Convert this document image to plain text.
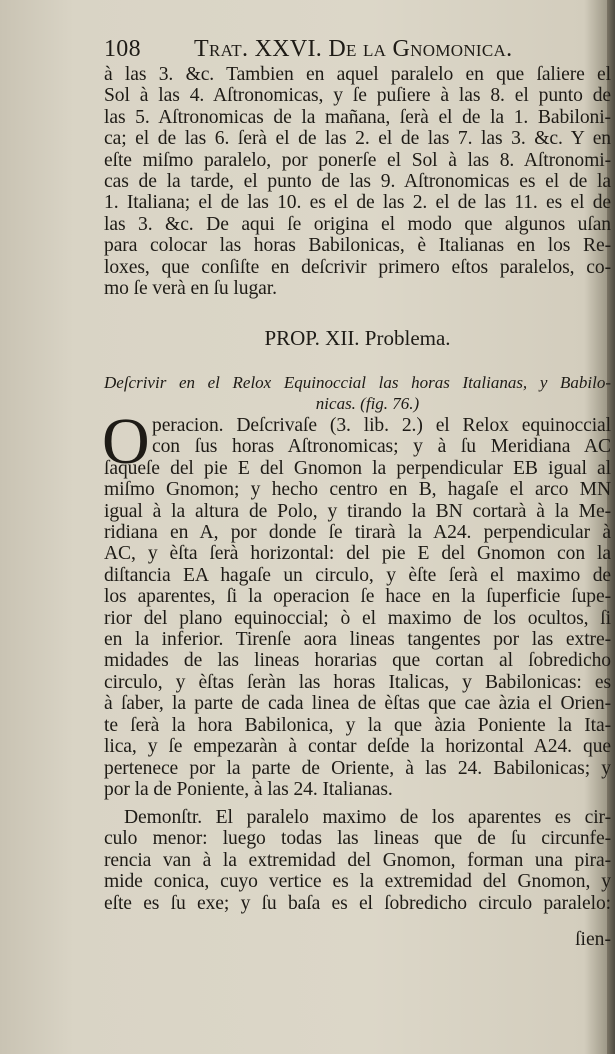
108 Trat. XXVI. De la Gnomonica.
à las 3. &c. Tambien en aquel paralelo en que ſaliere el
Sol à las 4. Aſtronomicas, y ſe puſiere à las 8. el punto de
las 5. Aſtronomicas de la mañana, ſerà el de la 1. Babiloni-
ca; el de las 6. ſerà el de las 2. el de las 7. las 3. &c. Y en
eſte miſmo paralelo, por ponerſe el Sol à las 8. Aſtronomi-
cas de la tarde, el punto de las 9. Aſtronomicas es el de la
1. Italiana; el de las 10. es el de las 2. el de las 11. es el de
las 3. &c. De aqui ſe origina el modo que algunos uſan
para colocar las horas Babilonicas, è Italianas en los Re-
loxes, que conſiſte en deſcrivir primero eſtos paralelos, co-
mo ſe verà en ſu lugar.
PROP. XII. Problema.
Deſcrivir en el Relox Equinoccial las horas Italianas, y Babilo-
nicas. (fig. 76.)
O peracion. Deſcrivaſe (3. lib. 2.) el Relox equinoccial
con ſus horas Aſtronomicas; y à ſu Meridiana AC
ſaqueſe del pie E del Gnomon la perpendicular EB igual al
miſmo Gnomon; y hecho centro en B, hagaſe el arco MN
igual à la altura de Polo, y tirando la BN cortarà à la Me-
ridiana en A, por donde ſe tirarà la A24. perpendicular à
AC, y èſta ſerà horizontal: del pie E del Gnomon con la
diſtancia EA hagaſe un circulo, y èſte ſerà el maximo de
los aparentes, ſi la operacion ſe hace en la ſuperficie ſupe-
rior del plano equinoccial; ò el maximo de los ocultos, ſi
en la inferior. Tirenſe aora lineas tangentes por las extre-
midades de las lineas horarias que cortan al ſobredicho
circulo, y èſtas ſeràn las horas Italicas, y Babilonicas: es
à ſaber, la parte de cada linea de èſtas que cae àzia el Orien-
te ſerà la hora Babilonica, y la que àzia Poniente la Ita-
lica, y ſe empezaràn à contar deſde la horizontal A24. que
pertenece por la parte de Oriente, à las 24. Babilonicas; y
por la de Poniente, à las 24. Italianas.
Demonſtr. El paralelo maximo de los aparentes es cir-
culo menor: luego todas las lineas que de ſu circunfe-
rencia van à la extremidad del Gnomon, forman una pira-
mide conica, cuyo vertice es la extremidad del Gnomon, y
eſte es ſu exe; y ſu baſa es el ſobredicho circulo paralelo:
ſien-
